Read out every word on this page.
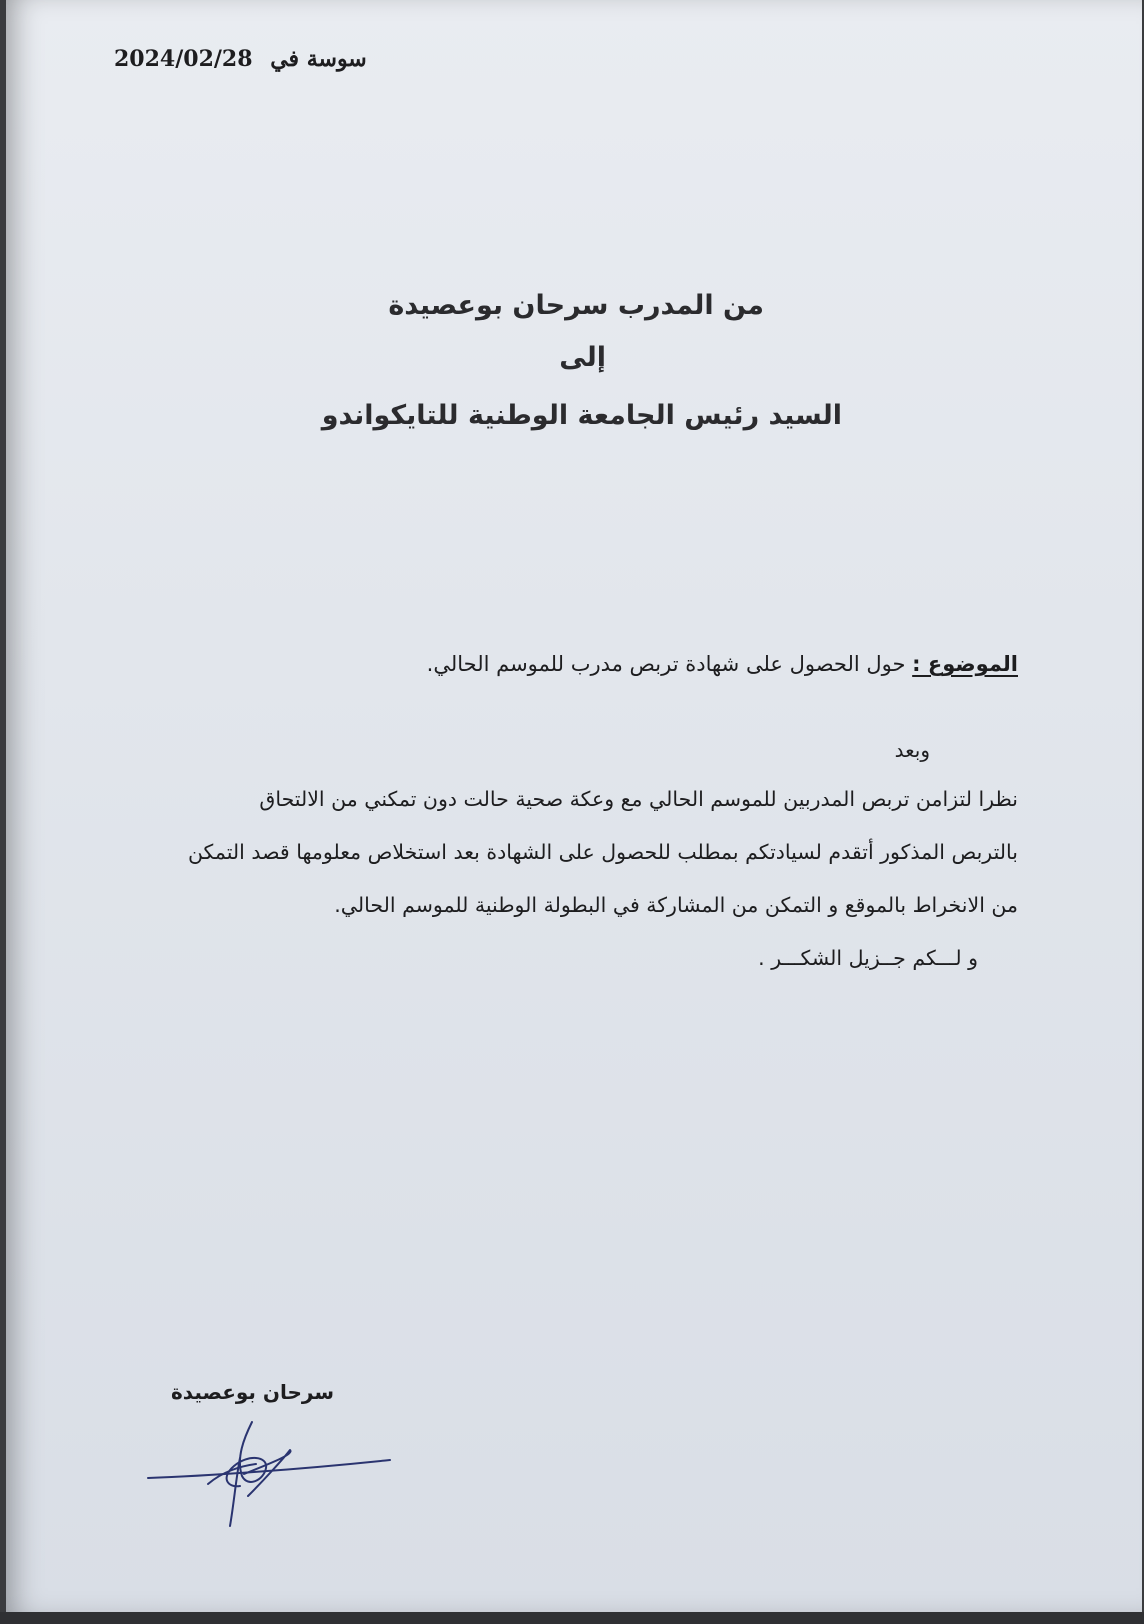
2024/02/28 سوسة في
من المدرب سرحان بوعصيدة
إلى
السيد رئيس الجامعة الوطنية للتايكواندو
الموضوع : حول الحصول على شهادة تربص مدرب للموسم الحالي.
وبعد
نظرا لتزامن تربص المدربين للموسم الحالي مع وعكة صحية حالت دون تمكني من الالتحاق
بالتربص المذكور أتقدم لسيادتكم بمطلب للحصول على الشهادة بعد استخلاص معلومها قصد التمكن
من الانخراط بالموقع و التمكن من المشاركة في البطولة الوطنية للموسم الحالي.
و لـــكم جــزيل الشكـــر .
سرحان بوعصيدة
